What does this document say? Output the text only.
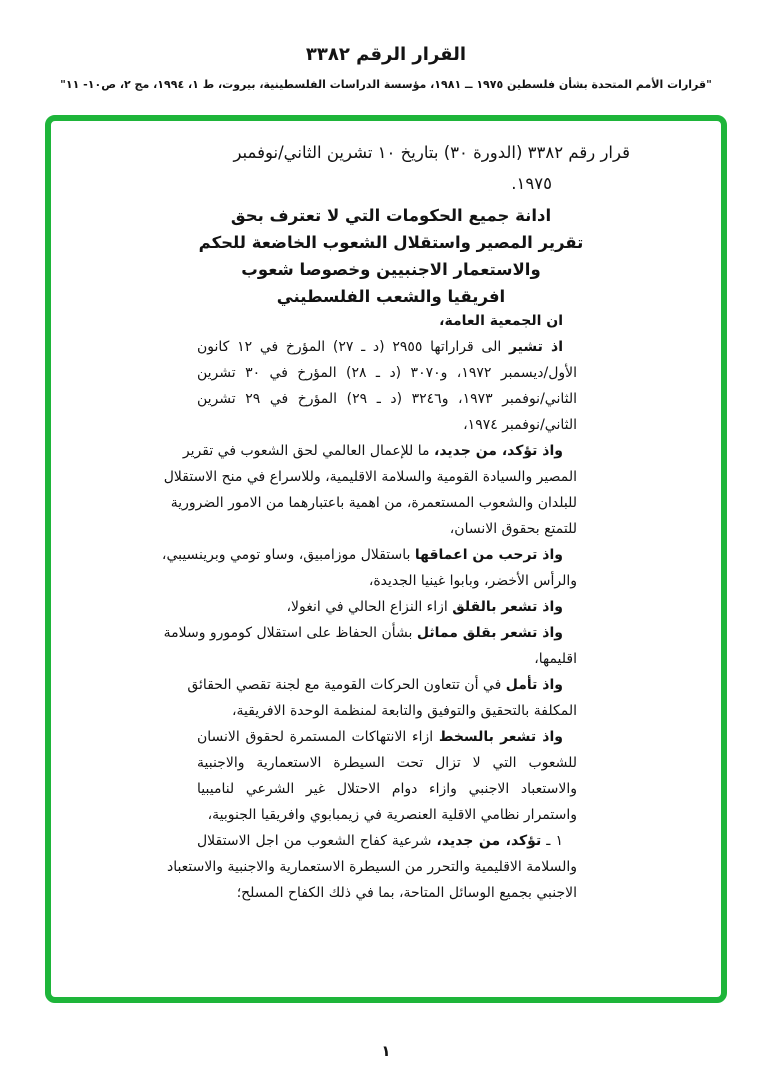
القرار الرقم ٣٣٨٢
"قرارات الأمم المتحدة بشأن فلسطين ١٩٧٥ ــ ١٩٨١، مؤسسة الدراسات الفلسطينية، بيروت، ط ١، ١٩٩٤، مج ٢، ص١٠- ١١"
قرار رقم ٣٣٨٢ (الدورة ٣٠) بتاريخ ١٠ تشرين الثاني/نوفمبر
١٩٧٥.
ادانة جميع الحكومات التي لا تعترف بحق
تقرير المصير واستقلال الشعوب الخاضعة للحكم
والاستعمار الاجنبيين وخصوصا شعوب
افريقيا والشعب الفلسطيني
ان الجمعية العامة،
اذ تشير الى قراراتها ٢٩٥٥ (د ـ ٢٧) المؤرخ في ١٢ كانون
الأول/ديسمبر ١٩٧٢، و٣٠٧٠ (د ـ ٢٨) المؤرخ في ٣٠ تشرين
الثاني/نوفمبر ١٩٧٣، و٣٢٤٦ (د ـ ٢٩) المؤرخ في ٢٩ تشرين
الثاني/نوفمبر ١٩٧٤،
واذ تؤكد، من جديد، ما للإعمال العالمي لحق الشعوب في تقرير
المصير والسيادة القومية والسلامة الاقليمية، وللاسراع في منح الاستقلال
للبلدان والشعوب المستعمرة، من اهمية باعتبارهما من الامور الضرورية
للتمتع بحقوق الانسان،
واذ ترحب من اعماقها باستقلال موزامبيق، وساو تومي وبرينسيبي،
والرأس الأخضر، وبابوا غينيا الجديدة،
واذ تشعر بالقلق ازاء النزاع الحالي في انغولا،
واذ تشعر بقلق مماثل بشأن الحفاظ على استقلال كومورو وسلامة
اقليمها،
واذ تأمل في أن تتعاون الحركات القومية مع لجنة تقصي الحقائق
المكلفة بالتحقيق والتوفيق والتابعة لمنظمة الوحدة الافريقية،
واذ تشعر بالسخط ازاء الانتهاكات المستمرة لحقوق الانسان
للشعوب التي لا تزال تحت السيطرة الاستعمارية والاجنبية
والاستعباد الاجنبي وازاء دوام الاحتلال غير الشرعي لناميبيا
واستمرار نظامي الاقلية العنصرية في زيمبابوي وافريقيا الجنوبية،
١ ـ تؤكد، من جديد، شرعية كفاح الشعوب من اجل الاستقلال
والسلامة الاقليمية والتحرر من السيطرة الاستعمارية والاجنبية والاستعباد
الاجنبي بجميع الوسائل المتاحة، بما في ذلك الكفاح المسلح؛
١
